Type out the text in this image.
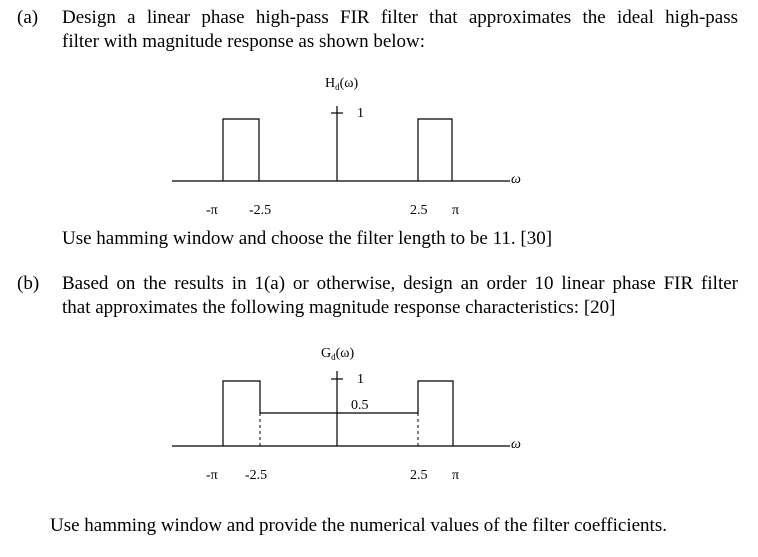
(a) Design a linear phase high-pass FIR filter that approximates the ideal high-pass
filter with magnitude response as shown below:
$H_d(\omega)$
1
ω
-π -2.5	2.5 π
Use hamming window and choose the filter length to be 11. [30]
(b) Based on the results in 1(a) or otherwise, design an order 10 linear phase FIR filter
that approximates the following magnitude response characteristics: [20]
$G_d(\omega)$
1
0.5
ω
-π -2.5	2.5 π
Use hamming window and provide the numerical values of the filter coefficients.
